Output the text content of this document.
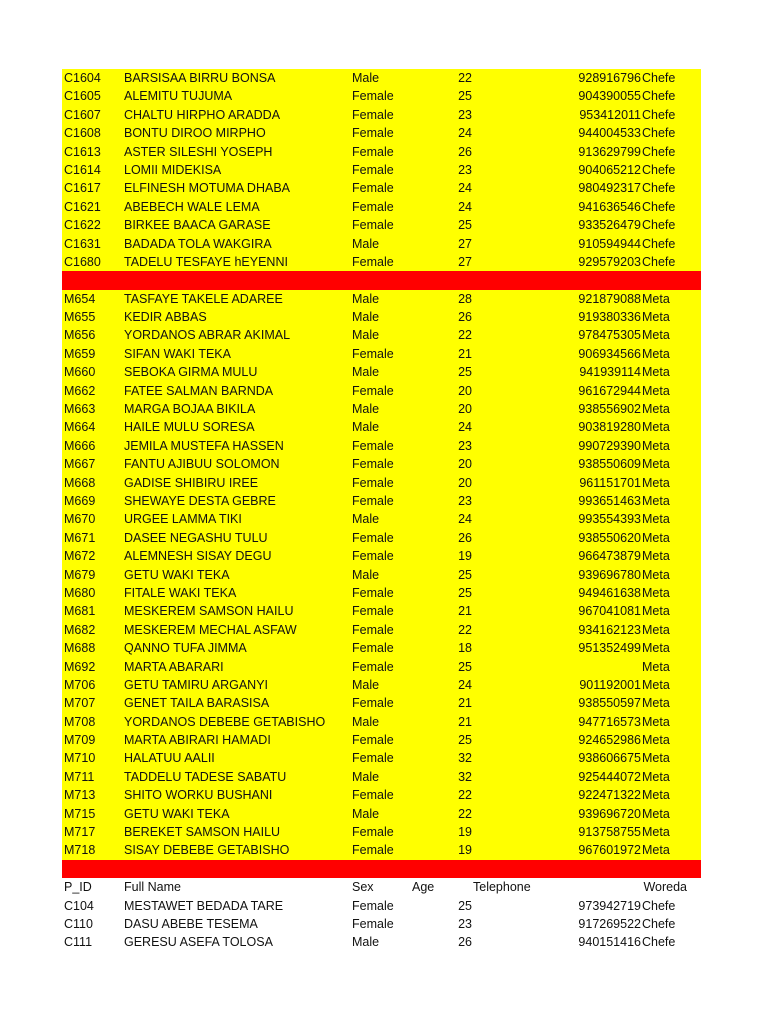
C1604 BARSISAA BIRRU BONSA	Male	22	928916796 Chefe
C1605 ALEMITU TUJUMA	Female	25	904390055 Chefe
C1607 CHALTU HIRPHO ARADDA	Female	23	953412011 Chefe
C1608 BONTU DIROO MIRPHO	Female	24	944004533 Chefe
C1613 ASTER SILESHI YOSEPH	Female	26	913629799 Chefe
C1614 LOMII MIDEKISA	Female	23	904065212 Chefe
C1617 ELFINESH MOTUMA DHABA	Female	24	980492317 Chefe
C1621 ABEBECH WALE LEMA	Female	24	941636546 Chefe
C1622 BIRKEE BAACA GARASE	Female	25	933526479 Chefe
C1631 BADADA TOLA WAKGIRA	Male	27	910594944 Chefe
C1680 TADELU TESFAYE hEYENNI	Female	27	929579203 Chefe
M654 TASFAYE TAKELE ADAREE	Male	28	921879088 Meta
M655 KEDIR ABBAS	Male	26	919380336 Meta
M656 YORDANOS ABRAR AKIMAL	Male	22	978475305 Meta
M659 SIFAN WAKI TEKA	Female	21	906934566 Meta
M660 SEBOKA GIRMA MULU	Male	25	941939114 Meta
M662 FATEE SALMAN BARNDA	Female	20	961672944 Meta
M663 MARGA BOJAA BIKILA	Male	20	938556902 Meta
M664 HAILE MULU SORESA	Male	24	903819280 Meta
M666 JEMILA MUSTEFA HASSEN	Female	23	990729390 Meta
M667 FANTU AJIBUU SOLOMON	Female	20	938550609 Meta
M668 GADISE SHIBIRU IREE	Female	20	961151701 Meta
M669 SHEWAYE DESTA GEBRE	Female	23	993651463 Meta
M670 URGEE LAMMA TIKI	Male	24	993554393 Meta
M671 DASEE NEGASHU TULU	Female	26	938550620 Meta
M672 ALEMNESH SISAY DEGU	Female	19	966473879 Meta
M679 GETU WAKI TEKA	Male	25	939696780 Meta
M680 FITALE WAKI TEKA	Female	25	949461638 Meta
M681 MESKEREM SAMSON HAILU	Female	21	967041081 Meta
M682 MESKEREM MECHAL ASFAW	Female	22	934162123 Meta
M688 QANNO TUFA JIMMA	Female	18	951352499 Meta
M692 MARTA ABARARI	Female	25	Meta
M706 GETU TAMIRU ARGANYI	Male	24	901192001 Meta
M707 GENET TAILA BARASISA	Female	21	938550597 Meta
M708 YORDANOS DEBEBE GETABISHO Male	21	947716573 Meta
M709 MARTA ABIRARI HAMADI	Female	25	924652986 Meta
M710 HALATUU AALII	Female	32	938606675 Meta
M711 TADDELU TADESE SABATU	Male	32	925444072 Meta
M713 SHITO WORKU BUSHANI	Female	22	922471322 Meta
M715 GETU WAKI TEKA	Male	22	939696720 Meta
M717 BEREKET SAMSON HAILU	Female	19	913758755 Meta
M718 SISAY DEBEBE GETABISHO	Female	19	967601972 Meta
P_ID	Full Name	Sex	Age	Telephone	Woreda
C104 MESTAWET BEDADA TARE	Female	25	973942719 Chefe
C110 DASU ABEBE TESEMA	Female	23	917269522 Chefe
C111	GERESU ASEFA TOLOSA	Male	26	940151416 Chefe
